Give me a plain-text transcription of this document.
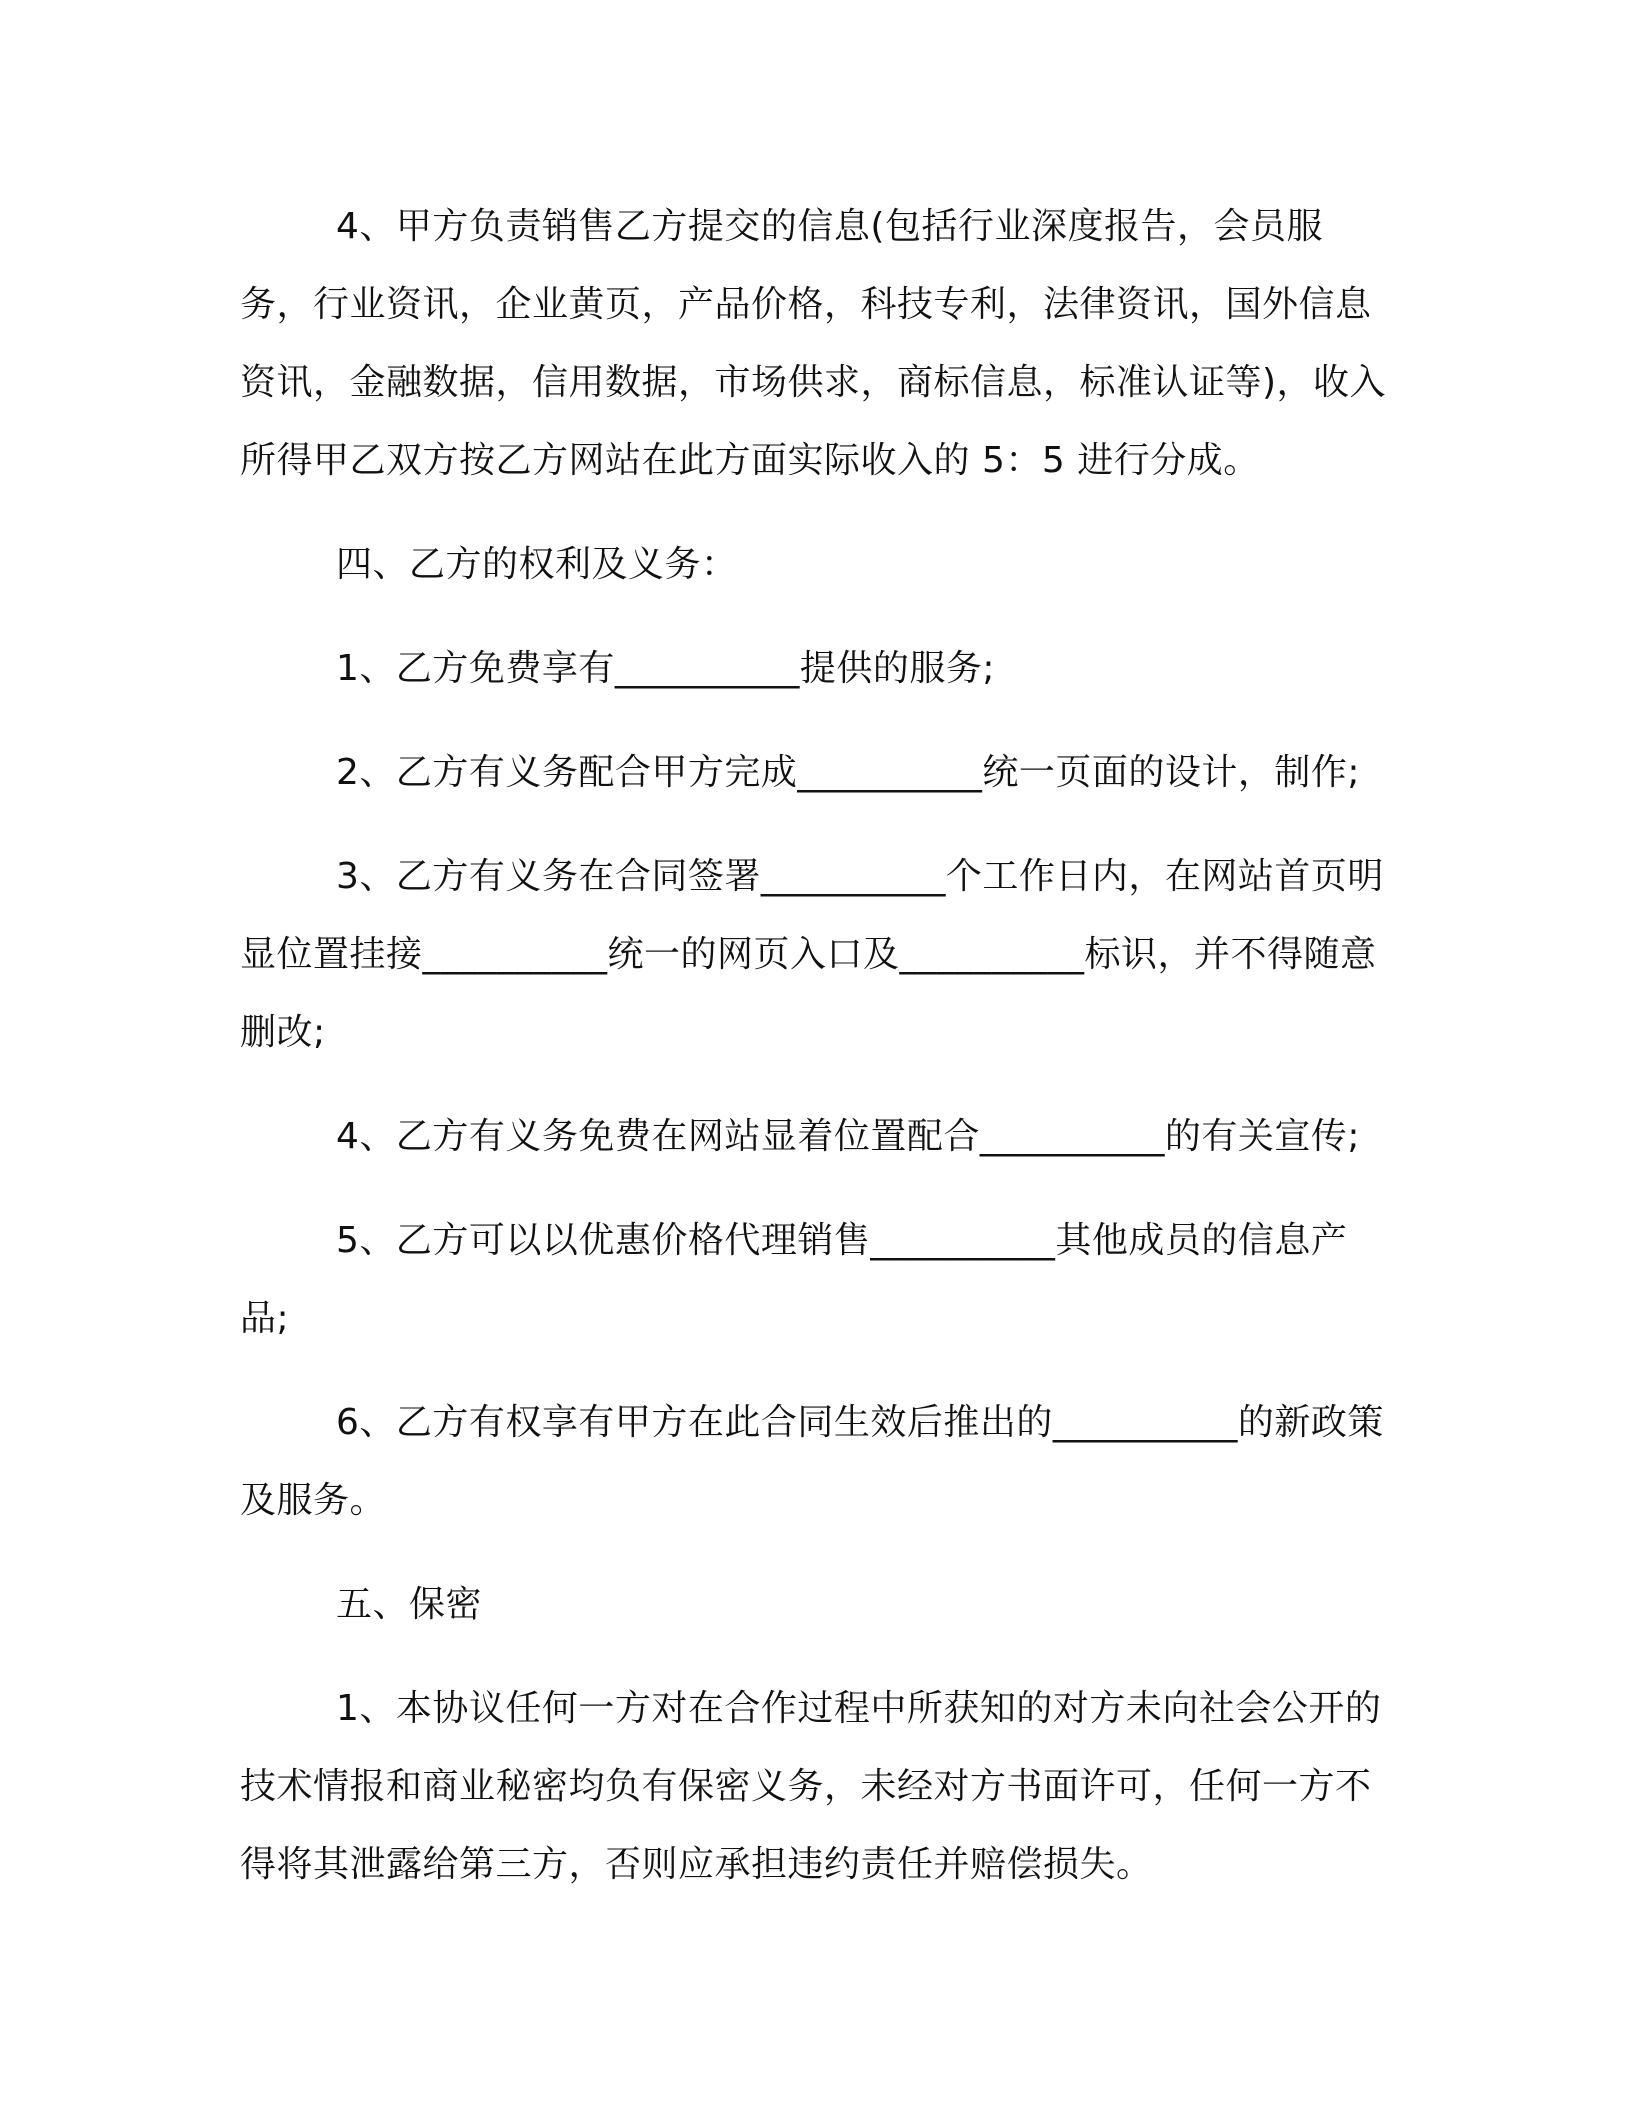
4、甲方负责销售乙方提交的信息(包括行业深度报告，会员服务，行业资讯，企业黄页，产品价格，科技专利，法律资讯，国外信息资讯，金融数据，信用数据，市场供求，商标信息，标准认证等)，收入所得甲乙双方按乙方网站在此方面实际收入的 5：5 进行分成。

四、乙方的权利及义务：

1、乙方免费享有__________提供的服务;

2、乙方有义务配合甲方完成__________统一页面的设计，制作;

3、乙方有义务在合同签署__________个工作日内，在网站首页明显位置挂接__________统一的网页入口及__________标识，并不得随意删改;

4、乙方有义务免费在网站显着位置配合__________的有关宣传;

5、乙方可以以优惠价格代理销售__________其他成员的信息产品;

6、乙方有权享有甲方在此合同生效后推出的__________的新政策及服务。

五、保密

1、本协议任何一方对在合作过程中所获知的对方未向社会公开的技术情报和商业秘密均负有保密义务，未经对方书面许可，任何一方不得将其泄露给第三方，否则应承担违约责任并赔偿损失。
